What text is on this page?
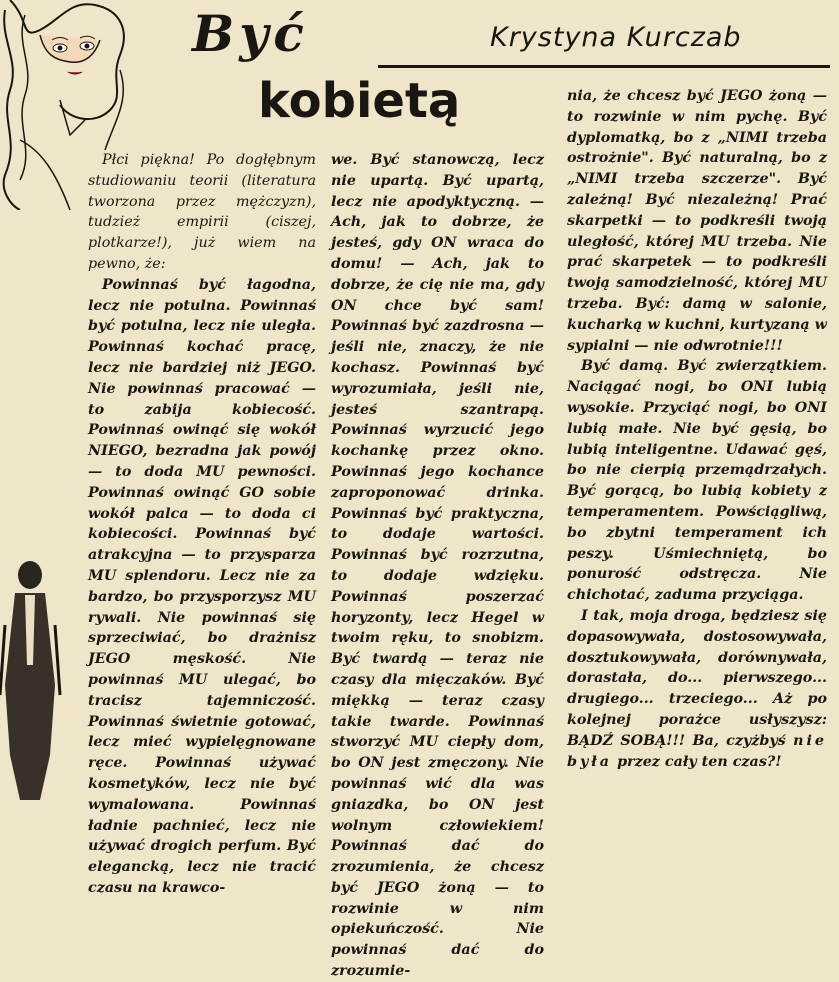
Być	Krystyna Kurczab
kobietą

Płci piękna! Po dogłębnym studiowaniu teorii (literatura tworzona przez mężczyzn), tudzież empirii (ciszej, plotkarze!), już wiem na pewno, że:

Powinnaś być łagodna, lecz nie potulna. Powinnaś być potulna, lecz nie uległa. Powinnaś kochać pracę, lecz nie bardziej niż JEGO. Nie powinnaś pracować — to zabija kobiecość. Powinnaś owinąć się wokół NIEGO, bezradna jak powój — to doda MU pewności. Powinnaś owinąć GO sobie wokół palca — to doda ci kobiecości. Powinnaś być atrakcyjna — to przysparza MU splendoru. Lecz nie za bardzo, bo przysporzysz MU rywali. Nie powinnaś się sprzeciwiać, bo drażnisz JEGO męskość. Nie powinnaś MU ulegać, bo tracisz tajemniczość. Powinnaś świetnie gotować, lecz mieć wypielęgnowane ręce. Powinnaś używać kosmetyków, lecz nie być wymalowana. Powinnaś ładnie pachnieć, lecz nie używać drogich perfum. Być elegancką, lecz nie tracić czasu na krawco-

we. Być stanowczą, lecz nie upartą. Być upartą, lecz nie apodyktyczną. — Ach, jak to dobrze, że jesteś, gdy ON wraca do domu! — Ach, jak to dobrze, że cię nie ma, gdy ON chce być sam! Powinnaś być zazdrosna — jeśli nie, znaczy, że nie kochasz. Powinnaś być wyrozumiała, jeśli nie, jesteś szantrapą. Powinnaś wyrzucić jego kochankę przez okno. Powinnaś jego kochance zaproponować drinka. Powinnaś być praktyczna, to dodaje wartości. Powinnaś być rozrzutna, to dodaje wdzięku. Powinnaś poszerzać horyzonty, lecz Hegel w twoim ręku, to snobizm. Być twardą — teraz nie czasy dla mięczaków. Być miękką — teraz czasy takie twarde. Powinnaś stworzyć MU ciepły dom, bo ON jest zmęczony. Nie powinnaś wić dla was gniazdka, bo ON jest wolnym człowiekiem! Powinnaś dać do zrozumienia, że chcesz być JEGO żoną — to rozwinie w nim opiekuńczość. Nie powinnaś dać do zrozumie-

nia, że chcesz być JEGO żoną — to rozwinie w nim pychę. Być dyplomatką, bo z „NIMI trzeba ostrożnie". Być naturalną, bo z „NIMI trzeba szczerze". Być zależną! Być niezależną! Prać skarpetki — to podkreśli twoją uległość, której MU trzeba. Nie prać skarpetek — to podkreśli twoją samodzielność, której MU trzeba. Być: damą w salonie, kucharką w kuchni, kurtyzaną w sypialni — nie odwrotnie!!!

Być damą. Być zwierzątkiem. Naciągać nogi, bo ONI lubią wysokie. Przyciąć nogi, bo ONI lubią małe. Nie być gęsią, bo lubią inteligentne. Udawać gęś, bo nie cierpią przemądrzałych. Być gorącą, bo lubią kobiety z temperamentem. Powściągliwą, bo zbytni temperament ich peszy. Uśmiechniętą, bo ponurość odstręcza. Nie chichotać, zaduma przyciąga.

I tak, moja droga, będziesz się dopasowywała, dostosowywała, dosztukowywała, dorównywała, dorastała, do... pierwszego... drugiego... trzeciego... Aż po kolejnej porażce usłyszysz: BĄDŹ SOBĄ!!! Ba, czyżbyś nie była przez cały ten czas?!
